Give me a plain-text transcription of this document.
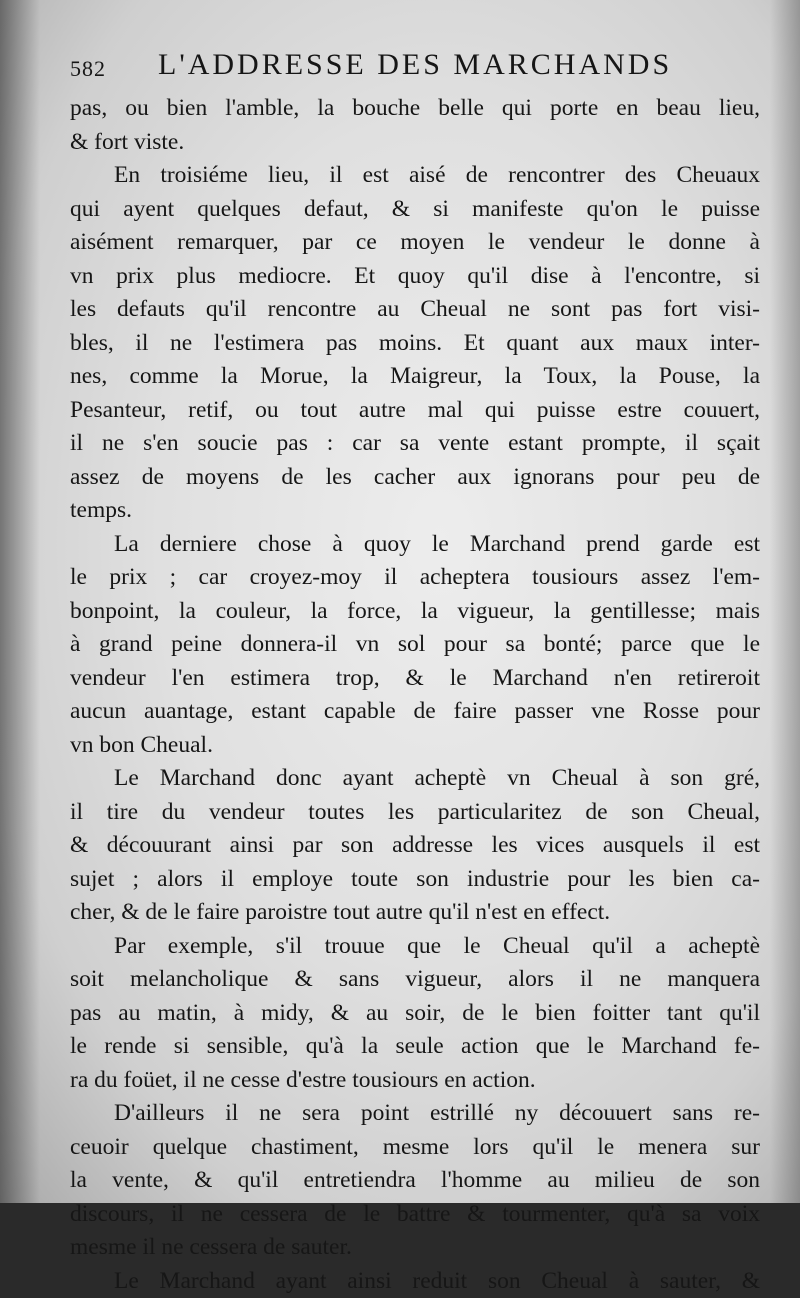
582 L'ADDRESSE DES MARCHANDS
pas, ou bien l'amble, la bouche belle qui porte en beau lieu,
& fort viste.
En troisiéme lieu, il est aisé de rencontrer des Cheuaux
qui ayent quelques defaut, & si manifeste qu'on le puisse
aisément remarquer, par ce moyen le vendeur le donne à
vn prix plus mediocre. Et quoy qu'il dise à l'encontre, si
les defauts qu'il rencontre au Cheual ne sont pas fort visi-
bles, il ne l'estimera pas moins. Et quant aux maux inter-
nes, comme la Morue, la Maigreur, la Toux, la Pouse, la
Pesanteur, retif, ou tout autre mal qui puisse estre couuert,
il ne s'en soucie pas : car sa vente estant prompte, il sçait
assez de moyens de les cacher aux ignorans pour peu de
temps.
La derniere chose à quoy le Marchand prend garde est
le prix ; car croyez-moy il acheptera tousiours assez l'em-
bonpoint, la couleur, la force, la vigueur, la gentillesse; mais
à grand peine donnera-il vn sol pour sa bonté; parce que le
vendeur l'en estimera trop, & le Marchand n'en retireroit
aucun auantage, estant capable de faire passer vne Rosse pour
vn bon Cheual.
Le Marchand donc ayant acheptè vn Cheual à son gré,
il tire du vendeur toutes les particularitez de son Cheual,
& découurant ainsi par son addresse les vices ausquels il est
sujet ; alors il employe toute son industrie pour les bien ca-
cher, & de le faire paroistre tout autre qu'il n'est en effect.
Par exemple, s'il trouue que le Cheual qu'il a acheptè
soit melancholique & sans vigueur, alors il ne manquera
pas au matin, à midy, & au soir, de le bien foitter tant qu'il
le rende si sensible, qu'à la seule action que le Marchand fe-
ra du foüet, il ne cesse d'estre tousiours en action.
D'ailleurs il ne sera point estrillé ny découuert sans re-
ceuoir quelque chastiment, mesme lors qu'il le menera sur
la vente, & qu'il entretiendra l'homme au milieu de son
discours, il ne cessera de le battre & tourmenter, qu'à sa voix
mesme il ne cessera de sauter.
Le Marchand ayant ainsi reduit son Cheual à sauter, &
